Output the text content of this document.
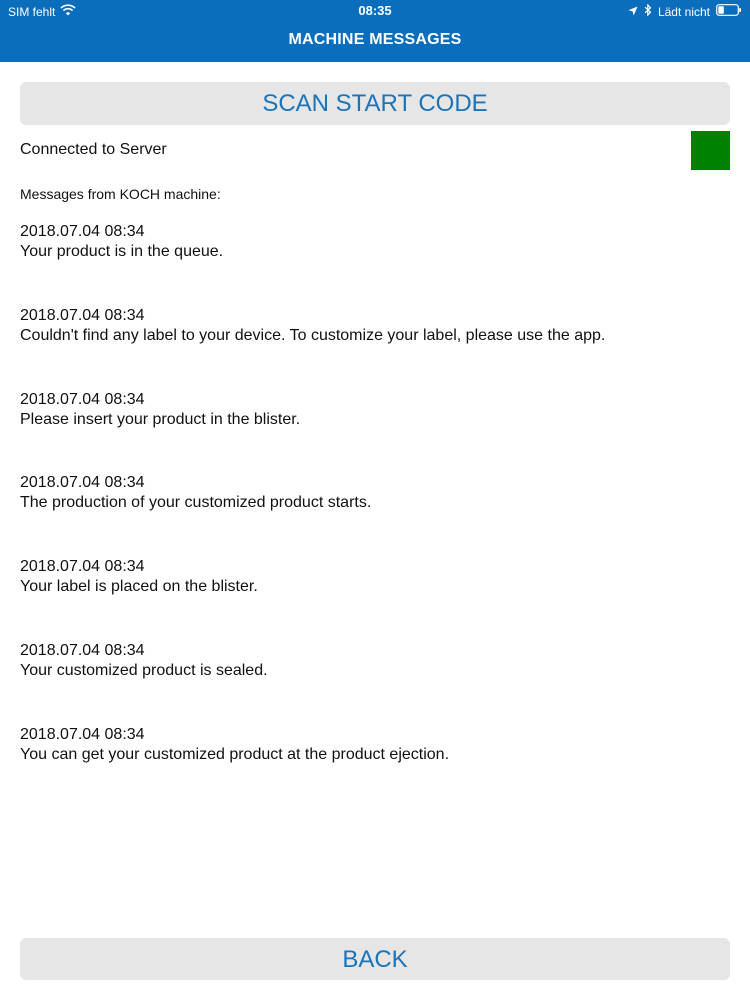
SIM fehlt	08:35	Lädt nicht
MACHINE MESSAGES
SCAN START CODE
Connected to Server
Messages from KOCH machine:
2018.07.04 08:34
Your product is in the queue.
2018.07.04 08:34
Couldn't find any label to your device. To customize your label, please use the app.
2018.07.04 08:34
Please insert your product in the blister.
2018.07.04 08:34
The production of your customized product starts.
2018.07.04 08:34
Your label is placed on the blister.
2018.07.04 08:34
Your customized product is sealed.
2018.07.04 08:34
You can get your customized product at the product ejection.
BACK
